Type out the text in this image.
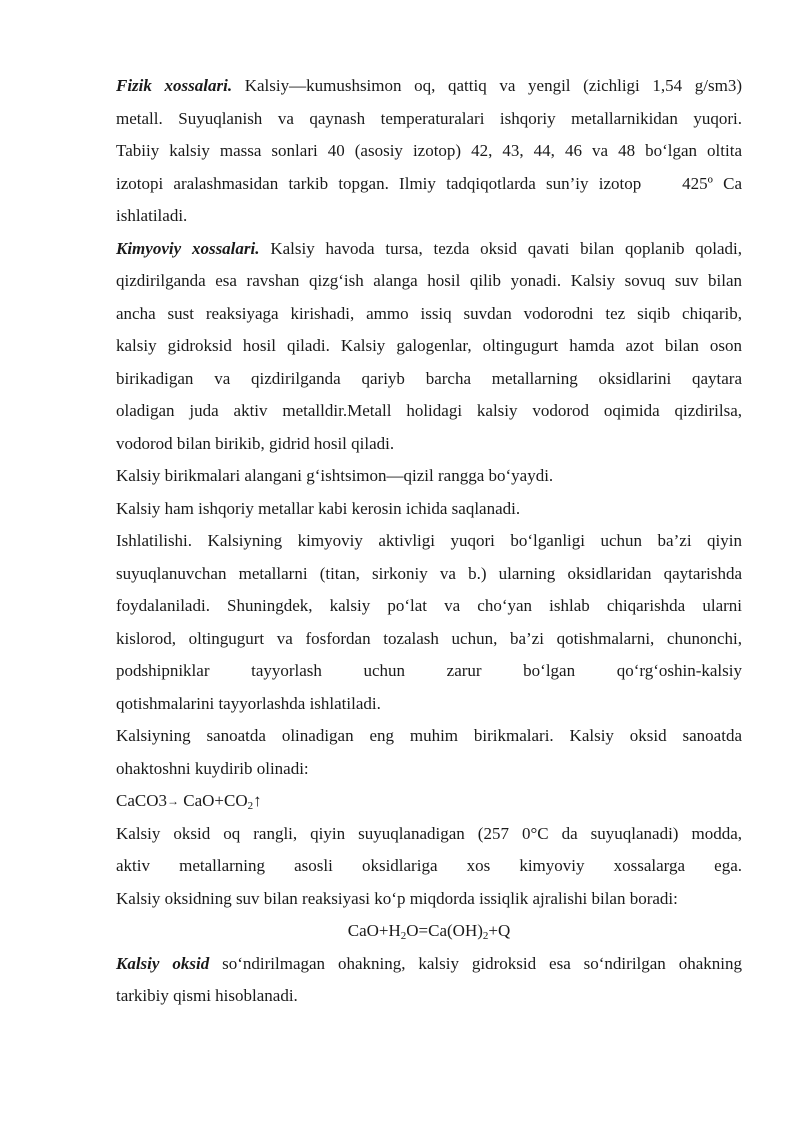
Fizik xossalari. Kalsiy—kumushsimon oq, qattiq va yengil (zichligi 1,54 g/sm3)
metall. Suyuqlanish va qaynash temperaturalari ishqoriy metallarnikidan yuqori.
Tabiiy kalsiy massa sonlari 40 (asosiy izotop) 42, 43, 44, 46 va 48 bo‘lgan oltita
izotopi aralashmasidan tarkib topgan. Ilmiy tadqiqotlarda sun’iy izotop    425º Ca
ishlatiladi.
Kimyoviy xossalari. Kalsiy havoda tursa, tezda oksid qavati bilan qoplanib qoladi,
qizdirilganda esa ravshan qizg‘ish alanga hosil qilib yonadi. Kalsiy sovuq suv bilan
ancha sust reaksiyaga kirishadi, ammo issiq suvdan vodorodni tez siqib chiqarib,
kalsiy gidroksid hosil qiladi. Kalsiy galogenlar, oltingugurt hamda azot bilan oson
birikadigan va qizdirilganda qariyb barcha metallarning oksidlarini qaytara
oladigan juda aktiv metalldir.Metall holidagi kalsiy vodorod oqimida qizdirilsa,
vodorod bilan birikib, gidrid hosil qiladi.
Kalsiy birikmalari alangani g‘ishtsimon—qizil rangga bo‘yaydi.
Kalsiy ham ishqoriy metallar kabi kerosin ichida saqlanadi.
Ishlatilishi. Kalsiyning kimyoviy aktivligi yuqori bo‘lganligi uchun ba’zi qiyin
suyuqlanuvchan metallarni (titan, sirkoniy va b.) ularning oksidlaridan qaytarishda
foydalaniladi. Shuningdek, kalsiy po‘lat va cho‘yan ishlab chiqarishda ularni
kislorod, oltingugurt va fosfordan tozalash uchun, ba’zi qotishmalarni, chunonchi,
podshipniklar tayyorlash uchun zarur bo‘lgan qo‘rg‘oshin-kalsiy
qotishmalarini tayyorlashda ishlatiladi.
Kalsiyning sanoatda olinadigan eng muhim birikmalari. Kalsiy oksid sanoatda
ohaktoshni kuydirib olinadi:
CaCO3→ $CaO+CO_2↑$
Kalsiy oksid oq rangli, qiyin suyuqlanadigan (257 0°C da suyuqlanadi) modda,
aktiv metallarning asosli oksidlariga xos kimyoviy xossalarga ega.
Kalsiy oksidning suv bilan reaksiyasi ko‘p miqdorda issiqlik ajralishi bilan boradi:
$CaO+H_2O=Ca(OH)_2+Q$
Kalsiy oksid so‘ndirilmagan ohakning, kalsiy gidroksid esa so‘ndirilgan ohakning
tarkibiy qismi hisoblanadi.
